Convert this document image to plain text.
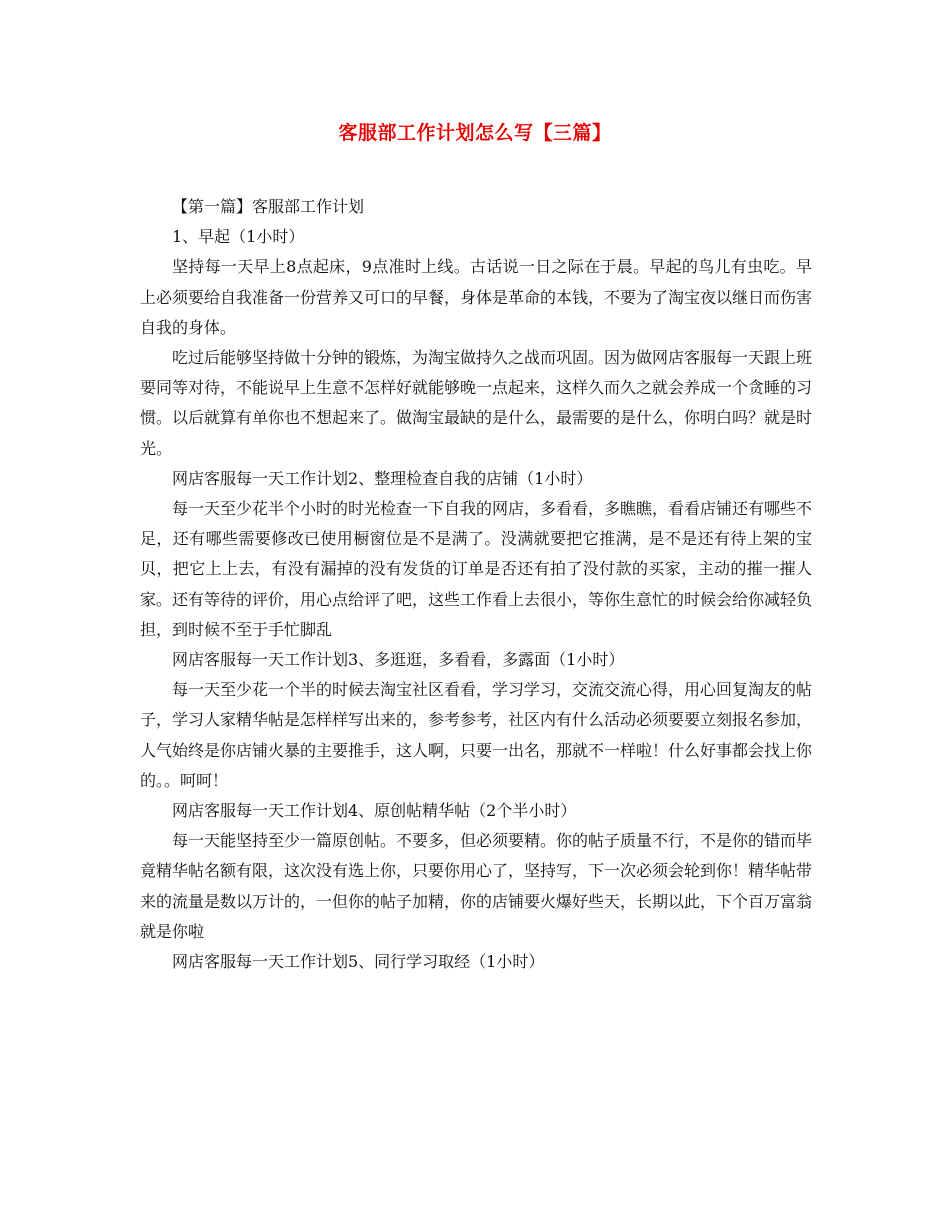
客服部工作计划怎么写【三篇】

【第一篇】客服部工作计划

1、早起（1小时）

坚持每一天早上8点起床，9点准时上线。古话说一日之际在于晨。早起的鸟儿有虫吃。早上必须要给自我准备一份营养又可口的早餐，身体是革命的本钱，不要为了淘宝夜以继日而伤害自我的身体。

吃过后能够坚持做十分钟的锻炼，为淘宝做持久之战而巩固。因为做网店客服每一天跟上班要同等对待，不能说早上生意不怎样好就能够晚一点起来，这样久而久之就会养成一个贪睡的习惯。以后就算有单你也不想起来了。做淘宝最缺的是什么，最需要的是什么，你明白吗？就是时光。

网店客服每一天工作计划2、整理检查自我的店铺（1小时）

每一天至少花半个小时的时光检查一下自我的网店，多看看，多瞧瞧，看看店铺还有哪些不足，还有哪些需要修改已使用橱窗位是不是满了。没满就要把它推满，是不是还有待上架的宝贝，把它上上去，有没有漏掉的没有发货的订单是否还有拍了没付款的买家，主动的摧一摧人家。还有等待的评价，用心点给评了吧，这些工作看上去很小，等你生意忙的时候会给你减轻负担，到时候不至于手忙脚乱

网店客服每一天工作计划3、多逛逛，多看看，多露面（1小时）

每一天至少花一个半的时候去淘宝社区看看，学习学习，交流交流心得，用心回复淘友的帖子，学习人家精华帖是怎样样写出来的，参考参考，社区内有什么活动必须要要立刻报名参加，人气始终是你店铺火暴的主要推手，这人啊，只要一出名，那就不一样啦！什么好事都会找上你的。。呵呵！

网店客服每一天工作计划4、原创帖精华帖（2个半小时）

每一天能坚持至少一篇原创帖。不要多，但必须要精。你的帖子质量不行，不是你的错而毕竟精华帖名额有限，这次没有选上你，只要你用心了，坚持写，下一次必须会轮到你！精华帖带来的流量是数以万计的，一但你的帖子加精，你的店铺要火爆好些天，长期以此，下个百万富翁就是你啦

网店客服每一天工作计划5、同行学习取经（1小时）
